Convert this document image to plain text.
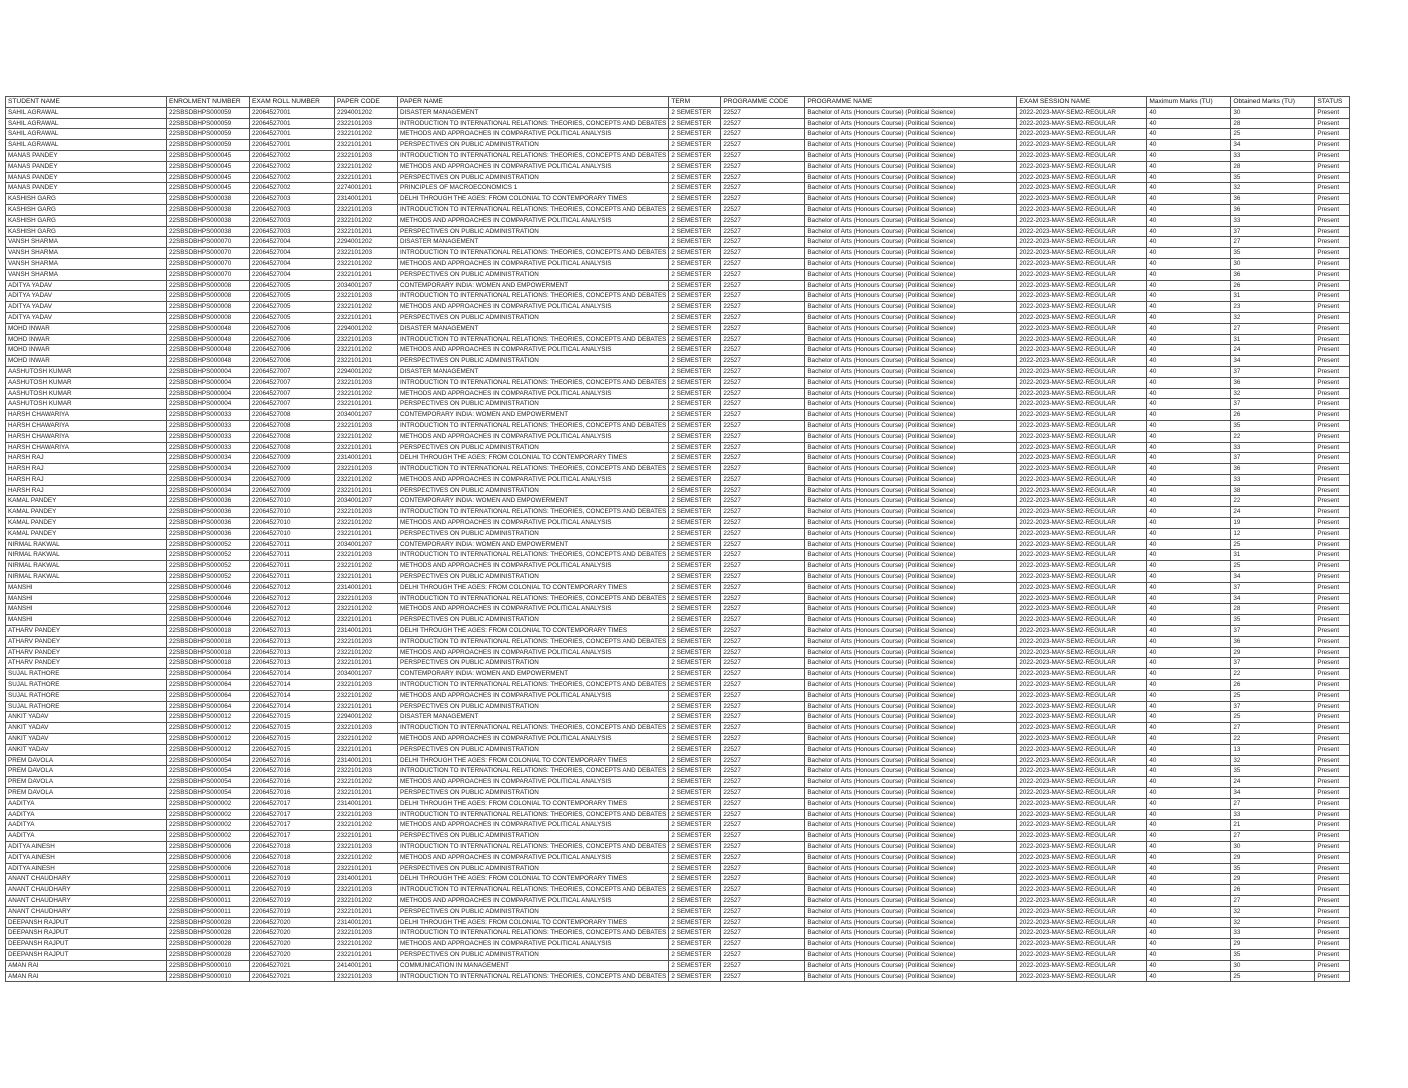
STUDENT NAME	ENROLMENT NUMBER	EXAM ROLL NUMBER	PAPER CODE	PAPER NAME	TERM	PROGRAMME CODE	PROGRAMME NAME	EXAM SESSION NAME	Maximum Marks (TU)	Obtained Marks (TU)	STATUS
SAHIL AGRAWAL	22SBSDBHPS000059	22064527001	2294001202	DISASTER MANAGEMENT	2 SEMESTER	22527	Bachelor of Arts (Honours Course) (Political Science)	2022-2023-MAY-SEM2-REGULAR	40	30	Present
SAHIL AGRAWAL	22SBSDBHPS000059	22064527001	2322101203	INTRODUCTION TO INTERNATIONAL RELATIONS: THEORIES, CONCEPTS AND DEBATES	2 SEMESTER	22527	Bachelor of Arts (Honours Course) (Political Science)	2022-2023-MAY-SEM2-REGULAR	40	28	Present
SAHIL AGRAWAL	22SBSDBHPS000059	22064527001	2322101202	METHODS AND APPROACHES IN COMPARATIVE POLITICAL ANALYSIS	2 SEMESTER	22527	Bachelor of Arts (Honours Course) (Political Science)	2022-2023-MAY-SEM2-REGULAR	40	25	Present
SAHIL AGRAWAL	22SBSDBHPS000059	22064527001	2322101201	PERSPECTIVES ON PUBLIC ADMINISTRATION	2 SEMESTER	22527	Bachelor of Arts (Honours Course) (Political Science)	2022-2023-MAY-SEM2-REGULAR	40	34	Present
MANAS PANDEY	22SBSDBHPS000045	22064527002	2322101203	INTRODUCTION TO INTERNATIONAL RELATIONS: THEORIES, CONCEPTS AND DEBATES	2 SEMESTER	22527	Bachelor of Arts (Honours Course) (Political Science)	2022-2023-MAY-SEM2-REGULAR	40	33	Present
MANAS PANDEY	22SBSDBHPS000045	22064527002	2322101202	METHODS AND APPROACHES IN COMPARATIVE POLITICAL ANALYSIS	2 SEMESTER	22527	Bachelor of Arts (Honours Course) (Political Science)	2022-2023-MAY-SEM2-REGULAR	40	28	Present
MANAS PANDEY	22SBSDBHPS000045	22064527002	2322101201	PERSPECTIVES ON PUBLIC ADMINISTRATION	2 SEMESTER	22527	Bachelor of Arts (Honours Course) (Political Science)	2022-2023-MAY-SEM2-REGULAR	40	35	Present
MANAS PANDEY	22SBSDBHPS000045	22064527002	2274001201	PRINCIPLES OF MACROECONOMICS 1	2 SEMESTER	22527	Bachelor of Arts (Honours Course) (Political Science)	2022-2023-MAY-SEM2-REGULAR	40	32	Present
KASHISH GARG	22SBSDBHPS000038	22064527003	2314001201	DELHI THROUGH THE AGES: FROM COLONIAL TO CONTEMPORARY TIMES	2 SEMESTER	22527	Bachelor of Arts (Honours Course) (Political Science)	2022-2023-MAY-SEM2-REGULAR	40	36	Present
KASHISH GARG	22SBSDBHPS000038	22064527003	2322101203	INTRODUCTION TO INTERNATIONAL RELATIONS: THEORIES, CONCEPTS AND DEBATES	2 SEMESTER	22527	Bachelor of Arts (Honours Course) (Political Science)	2022-2023-MAY-SEM2-REGULAR	40	36	Present
KASHISH GARG	22SBSDBHPS000038	22064527003	2322101202	METHODS AND APPROACHES IN COMPARATIVE POLITICAL ANALYSIS	2 SEMESTER	22527	Bachelor of Arts (Honours Course) (Political Science)	2022-2023-MAY-SEM2-REGULAR	40	33	Present
KASHISH GARG	22SBSDBHPS000038	22064527003	2322101201	PERSPECTIVES ON PUBLIC ADMINISTRATION	2 SEMESTER	22527	Bachelor of Arts (Honours Course) (Political Science)	2022-2023-MAY-SEM2-REGULAR	40	37	Present
VANSH SHARMA	22SBSDBHPS000070	22064527004	2294001202	DISASTER MANAGEMENT	2 SEMESTER	22527	Bachelor of Arts (Honours Course) (Political Science)	2022-2023-MAY-SEM2-REGULAR	40	27	Present
VANSH SHARMA	22SBSDBHPS000070	22064527004	2322101203	INTRODUCTION TO INTERNATIONAL RELATIONS: THEORIES, CONCEPTS AND DEBATES	2 SEMESTER	22527	Bachelor of Arts (Honours Course) (Political Science)	2022-2023-MAY-SEM2-REGULAR	40	35	Present
VANSH SHARMA	22SBSDBHPS000070	22064527004	2322101202	METHODS AND APPROACHES IN COMPARATIVE POLITICAL ANALYSIS	2 SEMESTER	22527	Bachelor of Arts (Honours Course) (Political Science)	2022-2023-MAY-SEM2-REGULAR	40	30	Present
VANSH SHARMA	22SBSDBHPS000070	22064527004	2322101201	PERSPECTIVES ON PUBLIC ADMINISTRATION	2 SEMESTER	22527	Bachelor of Arts (Honours Course) (Political Science)	2022-2023-MAY-SEM2-REGULAR	40	36	Present
ADITYA YADAV	22SBSDBHPS000008	22064527005	2034001207	CONTEMPORARY INDIA: WOMEN AND EMPOWERMENT	2 SEMESTER	22527	Bachelor of Arts (Honours Course) (Political Science)	2022-2023-MAY-SEM2-REGULAR	40	26	Present
ADITYA YADAV	22SBSDBHPS000008	22064527005	2322101203	INTRODUCTION TO INTERNATIONAL RELATIONS: THEORIES, CONCEPTS AND DEBATES	2 SEMESTER	22527	Bachelor of Arts (Honours Course) (Political Science)	2022-2023-MAY-SEM2-REGULAR	40	31	Present
ADITYA YADAV	22SBSDBHPS000008	22064527005	2322101202	METHODS AND APPROACHES IN COMPARATIVE POLITICAL ANALYSIS	2 SEMESTER	22527	Bachelor of Arts (Honours Course) (Political Science)	2022-2023-MAY-SEM2-REGULAR	40	23	Present
ADITYA YADAV	22SBSDBHPS000008	22064527005	2322101201	PERSPECTIVES ON PUBLIC ADMINISTRATION	2 SEMESTER	22527	Bachelor of Arts (Honours Course) (Political Science)	2022-2023-MAY-SEM2-REGULAR	40	32	Present
MOHD INWAR	22SBSDBHPS000048	22064527006	2294001202	DISASTER MANAGEMENT	2 SEMESTER	22527	Bachelor of Arts (Honours Course) (Political Science)	2022-2023-MAY-SEM2-REGULAR	40	27	Present
MOHD INWAR	22SBSDBHPS000048	22064527006	2322101203	INTRODUCTION TO INTERNATIONAL RELATIONS: THEORIES, CONCEPTS AND DEBATES	2 SEMESTER	22527	Bachelor of Arts (Honours Course) (Political Science)	2022-2023-MAY-SEM2-REGULAR	40	31	Present
MOHD INWAR	22SBSDBHPS000048	22064527006	2322101202	METHODS AND APPROACHES IN COMPARATIVE POLITICAL ANALYSIS	2 SEMESTER	22527	Bachelor of Arts (Honours Course) (Political Science)	2022-2023-MAY-SEM2-REGULAR	40	24	Present
MOHD INWAR	22SBSDBHPS000048	22064527006	2322101201	PERSPECTIVES ON PUBLIC ADMINISTRATION	2 SEMESTER	22527	Bachelor of Arts (Honours Course) (Political Science)	2022-2023-MAY-SEM2-REGULAR	40	34	Present
AASHUTOSH KUMAR	22SBSDBHPS000004	22064527007	2294001202	DISASTER MANAGEMENT	2 SEMESTER	22527	Bachelor of Arts (Honours Course) (Political Science)	2022-2023-MAY-SEM2-REGULAR	40	37	Present
AASHUTOSH KUMAR	22SBSDBHPS000004	22064527007	2322101203	INTRODUCTION TO INTERNATIONAL RELATIONS: THEORIES, CONCEPTS AND DEBATES	2 SEMESTER	22527	Bachelor of Arts (Honours Course) (Political Science)	2022-2023-MAY-SEM2-REGULAR	40	36	Present
AASHUTOSH KUMAR	22SBSDBHPS000004	22064527007	2322101202	METHODS AND APPROACHES IN COMPARATIVE POLITICAL ANALYSIS	2 SEMESTER	22527	Bachelor of Arts (Honours Course) (Political Science)	2022-2023-MAY-SEM2-REGULAR	40	32	Present
AASHUTOSH KUMAR	22SBSDBHPS000004	22064527007	2322101201	PERSPECTIVES ON PUBLIC ADMINISTRATION	2 SEMESTER	22527	Bachelor of Arts (Honours Course) (Political Science)	2022-2023-MAY-SEM2-REGULAR	40	37	Present
HARSH CHAWARIYA	22SBSDBHPS000033	22064527008	2034001207	CONTEMPORARY INDIA: WOMEN AND EMPOWERMENT	2 SEMESTER	22527	Bachelor of Arts (Honours Course) (Political Science)	2022-2023-MAY-SEM2-REGULAR	40	26	Present
HARSH CHAWARIYA	22SBSDBHPS000033	22064527008	2322101203	INTRODUCTION TO INTERNATIONAL RELATIONS: THEORIES, CONCEPTS AND DEBATES	2 SEMESTER	22527	Bachelor of Arts (Honours Course) (Political Science)	2022-2023-MAY-SEM2-REGULAR	40	35	Present
HARSH CHAWARIYA	22SBSDBHPS000033	22064527008	2322101202	METHODS AND APPROACHES IN COMPARATIVE POLITICAL ANALYSIS	2 SEMESTER	22527	Bachelor of Arts (Honours Course) (Political Science)	2022-2023-MAY-SEM2-REGULAR	40	22	Present
HARSH CHAWARIYA	22SBSDBHPS000033	22064527008	2322101201	PERSPECTIVES ON PUBLIC ADMINISTRATION	2 SEMESTER	22527	Bachelor of Arts (Honours Course) (Political Science)	2022-2023-MAY-SEM2-REGULAR	40	33	Present
HARSH RAJ	22SBSDBHPS000034	22064527009	2314001201	DELHI THROUGH THE AGES: FROM COLONIAL TO CONTEMPORARY TIMES	2 SEMESTER	22527	Bachelor of Arts (Honours Course) (Political Science)	2022-2023-MAY-SEM2-REGULAR	40	37	Present
HARSH RAJ	22SBSDBHPS000034	22064527009	2322101203	INTRODUCTION TO INTERNATIONAL RELATIONS: THEORIES, CONCEPTS AND DEBATES	2 SEMESTER	22527	Bachelor of Arts (Honours Course) (Political Science)	2022-2023-MAY-SEM2-REGULAR	40	36	Present
HARSH RAJ	22SBSDBHPS000034	22064527009	2322101202	METHODS AND APPROACHES IN COMPARATIVE POLITICAL ANALYSIS	2 SEMESTER	22527	Bachelor of Arts (Honours Course) (Political Science)	2022-2023-MAY-SEM2-REGULAR	40	33	Present
HARSH RAJ	22SBSDBHPS000034	22064527009	2322101201	PERSPECTIVES ON PUBLIC ADMINISTRATION	2 SEMESTER	22527	Bachelor of Arts (Honours Course) (Political Science)	2022-2023-MAY-SEM2-REGULAR	40	38	Present
KAMAL PANDEY	22SBSDBHPS000036	22064527010	2034001207	CONTEMPORARY INDIA: WOMEN AND EMPOWERMENT	2 SEMESTER	22527	Bachelor of Arts (Honours Course) (Political Science)	2022-2023-MAY-SEM2-REGULAR	40	22	Present
KAMAL PANDEY	22SBSDBHPS000036	22064527010	2322101203	INTRODUCTION TO INTERNATIONAL RELATIONS: THEORIES, CONCEPTS AND DEBATES	2 SEMESTER	22527	Bachelor of Arts (Honours Course) (Political Science)	2022-2023-MAY-SEM2-REGULAR	40	24	Present
KAMAL PANDEY	22SBSDBHPS000036	22064527010	2322101202	METHODS AND APPROACHES IN COMPARATIVE POLITICAL ANALYSIS	2 SEMESTER	22527	Bachelor of Arts (Honours Course) (Political Science)	2022-2023-MAY-SEM2-REGULAR	40	19	Present
KAMAL PANDEY	22SBSDBHPS000036	22064527010	2322101201	PERSPECTIVES ON PUBLIC ADMINISTRATION	2 SEMESTER	22527	Bachelor of Arts (Honours Course) (Political Science)	2022-2023-MAY-SEM2-REGULAR	40	12	Present
NIRMAL RAKWAL	22SBSDBHPS000052	22064527011	2034001207	CONTEMPORARY INDIA: WOMEN AND EMPOWERMENT	2 SEMESTER	22527	Bachelor of Arts (Honours Course) (Political Science)	2022-2023-MAY-SEM2-REGULAR	40	25	Present
NIRMAL RAKWAL	22SBSDBHPS000052	22064527011	2322101203	INTRODUCTION TO INTERNATIONAL RELATIONS: THEORIES, CONCEPTS AND DEBATES	2 SEMESTER	22527	Bachelor of Arts (Honours Course) (Political Science)	2022-2023-MAY-SEM2-REGULAR	40	31	Present
NIRMAL RAKWAL	22SBSDBHPS000052	22064527011	2322101202	METHODS AND APPROACHES IN COMPARATIVE POLITICAL ANALYSIS	2 SEMESTER	22527	Bachelor of Arts (Honours Course) (Political Science)	2022-2023-MAY-SEM2-REGULAR	40	25	Present
NIRMAL RAKWAL	22SBSDBHPS000052	22064527011	2322101201	PERSPECTIVES ON PUBLIC ADMINISTRATION	2 SEMESTER	22527	Bachelor of Arts (Honours Course) (Political Science)	2022-2023-MAY-SEM2-REGULAR	40	34	Present
MANSHI	22SBSDBHPS000046	22064527012	2314001201	DELHI THROUGH THE AGES: FROM COLONIAL TO CONTEMPORARY TIMES	2 SEMESTER	22527	Bachelor of Arts (Honours Course) (Political Science)	2022-2023-MAY-SEM2-REGULAR	40	37	Present
MANSHI	22SBSDBHPS000046	22064527012	2322101203	INTRODUCTION TO INTERNATIONAL RELATIONS: THEORIES, CONCEPTS AND DEBATES	2 SEMESTER	22527	Bachelor of Arts (Honours Course) (Political Science)	2022-2023-MAY-SEM2-REGULAR	40	34	Present
MANSHI	22SBSDBHPS000046	22064527012	2322101202	METHODS AND APPROACHES IN COMPARATIVE POLITICAL ANALYSIS	2 SEMESTER	22527	Bachelor of Arts (Honours Course) (Political Science)	2022-2023-MAY-SEM2-REGULAR	40	28	Present
MANSHI	22SBSDBHPS000046	22064527012	2322101201	PERSPECTIVES ON PUBLIC ADMINISTRATION	2 SEMESTER	22527	Bachelor of Arts (Honours Course) (Political Science)	2022-2023-MAY-SEM2-REGULAR	40	35	Present
ATHARV PANDEY	22SBSDBHPS000018	22064527013	2314001201	DELHI THROUGH THE AGES: FROM COLONIAL TO CONTEMPORARY TIMES	2 SEMESTER	22527	Bachelor of Arts (Honours Course) (Political Science)	2022-2023-MAY-SEM2-REGULAR	40	37	Present
ATHARV PANDEY	22SBSDBHPS000018	22064527013	2322101203	INTRODUCTION TO INTERNATIONAL RELATIONS: THEORIES, CONCEPTS AND DEBATES	2 SEMESTER	22527	Bachelor of Arts (Honours Course) (Political Science)	2022-2023-MAY-SEM2-REGULAR	40	36	Present
ATHARV PANDEY	22SBSDBHPS000018	22064527013	2322101202	METHODS AND APPROACHES IN COMPARATIVE POLITICAL ANALYSIS	2 SEMESTER	22527	Bachelor of Arts (Honours Course) (Political Science)	2022-2023-MAY-SEM2-REGULAR	40	29	Present
ATHARV PANDEY	22SBSDBHPS000018	22064527013	2322101201	PERSPECTIVES ON PUBLIC ADMINISTRATION	2 SEMESTER	22527	Bachelor of Arts (Honours Course) (Political Science)	2022-2023-MAY-SEM2-REGULAR	40	37	Present
SUJAL RATHORE	22SBSDBHPS000064	22064527014	2034001207	CONTEMPORARY INDIA: WOMEN AND EMPOWERMENT	2 SEMESTER	22527	Bachelor of Arts (Honours Course) (Political Science)	2022-2023-MAY-SEM2-REGULAR	40	22	Present
SUJAL RATHORE	22SBSDBHPS000064	22064527014	2322101203	INTRODUCTION TO INTERNATIONAL RELATIONS: THEORIES, CONCEPTS AND DEBATES	2 SEMESTER	22527	Bachelor of Arts (Honours Course) (Political Science)	2022-2023-MAY-SEM2-REGULAR	40	26	Present
SUJAL RATHORE	22SBSDBHPS000064	22064527014	2322101202	METHODS AND APPROACHES IN COMPARATIVE POLITICAL ANALYSIS	2 SEMESTER	22527	Bachelor of Arts (Honours Course) (Political Science)	2022-2023-MAY-SEM2-REGULAR	40	25	Present
SUJAL RATHORE	22SBSDBHPS000064	22064527014	2322101201	PERSPECTIVES ON PUBLIC ADMINISTRATION	2 SEMESTER	22527	Bachelor of Arts (Honours Course) (Political Science)	2022-2023-MAY-SEM2-REGULAR	40	37	Present
ANKIT YADAV	22SBSDBHPS000012	22064527015	2294001202	DISASTER MANAGEMENT	2 SEMESTER	22527	Bachelor of Arts (Honours Course) (Political Science)	2022-2023-MAY-SEM2-REGULAR	40	25	Present
ANKIT YADAV	22SBSDBHPS000012	22064527015	2322101203	INTRODUCTION TO INTERNATIONAL RELATIONS: THEORIES, CONCEPTS AND DEBATES	2 SEMESTER	22527	Bachelor of Arts (Honours Course) (Political Science)	2022-2023-MAY-SEM2-REGULAR	40	27	Present
ANKIT YADAV	22SBSDBHPS000012	22064527015	2322101202	METHODS AND APPROACHES IN COMPARATIVE POLITICAL ANALYSIS	2 SEMESTER	22527	Bachelor of Arts (Honours Course) (Political Science)	2022-2023-MAY-SEM2-REGULAR	40	22	Present
ANKIT YADAV	22SBSDBHPS000012	22064527015	2322101201	PERSPECTIVES ON PUBLIC ADMINISTRATION	2 SEMESTER	22527	Bachelor of Arts (Honours Course) (Political Science)	2022-2023-MAY-SEM2-REGULAR	40	13	Present
PREM DAVOLA	22SBSDBHPS000054	22064527016	2314001201	DELHI THROUGH THE AGES: FROM COLONIAL TO CONTEMPORARY TIMES	2 SEMESTER	22527	Bachelor of Arts (Honours Course) (Political Science)	2022-2023-MAY-SEM2-REGULAR	40	32	Present
PREM DAVOLA	22SBSDBHPS000054	22064527016	2322101203	INTRODUCTION TO INTERNATIONAL RELATIONS: THEORIES, CONCEPTS AND DEBATES	2 SEMESTER	22527	Bachelor of Arts (Honours Course) (Political Science)	2022-2023-MAY-SEM2-REGULAR	40	35	Present
PREM DAVOLA	22SBSDBHPS000054	22064527016	2322101202	METHODS AND APPROACHES IN COMPARATIVE POLITICAL ANALYSIS	2 SEMESTER	22527	Bachelor of Arts (Honours Course) (Political Science)	2022-2023-MAY-SEM2-REGULAR	40	24	Present
PREM DAVOLA	22SBSDBHPS000054	22064527016	2322101201	PERSPECTIVES ON PUBLIC ADMINISTRATION	2 SEMESTER	22527	Bachelor of Arts (Honours Course) (Political Science)	2022-2023-MAY-SEM2-REGULAR	40	34	Present
AADITYA	22SBSDBHPS000002	22064527017	2314001201	DELHI THROUGH THE AGES: FROM COLONIAL TO CONTEMPORARY TIMES	2 SEMESTER	22527	Bachelor of Arts (Honours Course) (Political Science)	2022-2023-MAY-SEM2-REGULAR	40	27	Present
AADITYA	22SBSDBHPS000002	22064527017	2322101203	INTRODUCTION TO INTERNATIONAL RELATIONS: THEORIES, CONCEPTS AND DEBATES	2 SEMESTER	22527	Bachelor of Arts (Honours Course) (Political Science)	2022-2023-MAY-SEM2-REGULAR	40	33	Present
AADITYA	22SBSDBHPS000002	22064527017	2322101202	METHODS AND APPROACHES IN COMPARATIVE POLITICAL ANALYSIS	2 SEMESTER	22527	Bachelor of Arts (Honours Course) (Political Science)	2022-2023-MAY-SEM2-REGULAR	40	21	Present
AADITYA	22SBSDBHPS000002	22064527017	2322101201	PERSPECTIVES ON PUBLIC ADMINISTRATION	2 SEMESTER	22527	Bachelor of Arts (Honours Course) (Political Science)	2022-2023-MAY-SEM2-REGULAR	40	27	Present
ADITYA AINESH	22SBSDBHPS000006	22064527018	2322101203	INTRODUCTION TO INTERNATIONAL RELATIONS: THEORIES, CONCEPTS AND DEBATES	2 SEMESTER	22527	Bachelor of Arts (Honours Course) (Political Science)	2022-2023-MAY-SEM2-REGULAR	40	30	Present
ADITYA AINESH	22SBSDBHPS000006	22064527018	2322101202	METHODS AND APPROACHES IN COMPARATIVE POLITICAL ANALYSIS	2 SEMESTER	22527	Bachelor of Arts (Honours Course) (Political Science)	2022-2023-MAY-SEM2-REGULAR	40	29	Present
ADITYA AINESH	22SBSDBHPS000006	22064527018	2322101201	PERSPECTIVES ON PUBLIC ADMINISTRATION	2 SEMESTER	22527	Bachelor of Arts (Honours Course) (Political Science)	2022-2023-MAY-SEM2-REGULAR	40	35	Present
ANANT CHAUDHARY	22SBSDBHPS000011	22064527019	2314001201	DELHI THROUGH THE AGES: FROM COLONIAL TO CONTEMPORARY TIMES	2 SEMESTER	22527	Bachelor of Arts (Honours Course) (Political Science)	2022-2023-MAY-SEM2-REGULAR	40	29	Present
ANANT CHAUDHARY	22SBSDBHPS000011	22064527019	2322101203	INTRODUCTION TO INTERNATIONAL RELATIONS: THEORIES, CONCEPTS AND DEBATES	2 SEMESTER	22527	Bachelor of Arts (Honours Course) (Political Science)	2022-2023-MAY-SEM2-REGULAR	40	26	Present
ANANT CHAUDHARY	22SBSDBHPS000011	22064527019	2322101202	METHODS AND APPROACHES IN COMPARATIVE POLITICAL ANALYSIS	2 SEMESTER	22527	Bachelor of Arts (Honours Course) (Political Science)	2022-2023-MAY-SEM2-REGULAR	40	27	Present
ANANT CHAUDHARY	22SBSDBHPS000011	22064527019	2322101201	PERSPECTIVES ON PUBLIC ADMINISTRATION	2 SEMESTER	22527	Bachelor of Arts (Honours Course) (Political Science)	2022-2023-MAY-SEM2-REGULAR	40	32	Present
DEEPANSH RAJPUT	22SBSDBHPS000028	22064527020	2314001201	DELHI THROUGH THE AGES: FROM COLONIAL TO CONTEMPORARY TIMES	2 SEMESTER	22527	Bachelor of Arts (Honours Course) (Political Science)	2022-2023-MAY-SEM2-REGULAR	40	32	Present
DEEPANSH RAJPUT	22SBSDBHPS000028	22064527020	2322101203	INTRODUCTION TO INTERNATIONAL RELATIONS: THEORIES, CONCEPTS AND DEBATES	2 SEMESTER	22527	Bachelor of Arts (Honours Course) (Political Science)	2022-2023-MAY-SEM2-REGULAR	40	33	Present
DEEPANSH RAJPUT	22SBSDBHPS000028	22064527020	2322101202	METHODS AND APPROACHES IN COMPARATIVE POLITICAL ANALYSIS	2 SEMESTER	22527	Bachelor of Arts (Honours Course) (Political Science)	2022-2023-MAY-SEM2-REGULAR	40	29	Present
DEEPANSH RAJPUT	22SBSDBHPS000028	22064527020	2322101201	PERSPECTIVES ON PUBLIC ADMINISTRATION	2 SEMESTER	22527	Bachelor of Arts (Honours Course) (Political Science)	2022-2023-MAY-SEM2-REGULAR	40	35	Present
AMAN RAI	22SBSDBHPS000010	22064527021	2414001201	COMMUNICATION IN MANAGEMENT	2 SEMESTER	22527	Bachelor of Arts (Honours Course) (Political Science)	2022-2023-MAY-SEM2-REGULAR	40	30	Present
AMAN RAI	22SBSDBHPS000010	22064527021	2322101203	INTRODUCTION TO INTERNATIONAL RELATIONS: THEORIES, CONCEPTS AND DEBATES	2 SEMESTER	22527	Bachelor of Arts (Honours Course) (Political Science)	2022-2023-MAY-SEM2-REGULAR	40	25	Present
